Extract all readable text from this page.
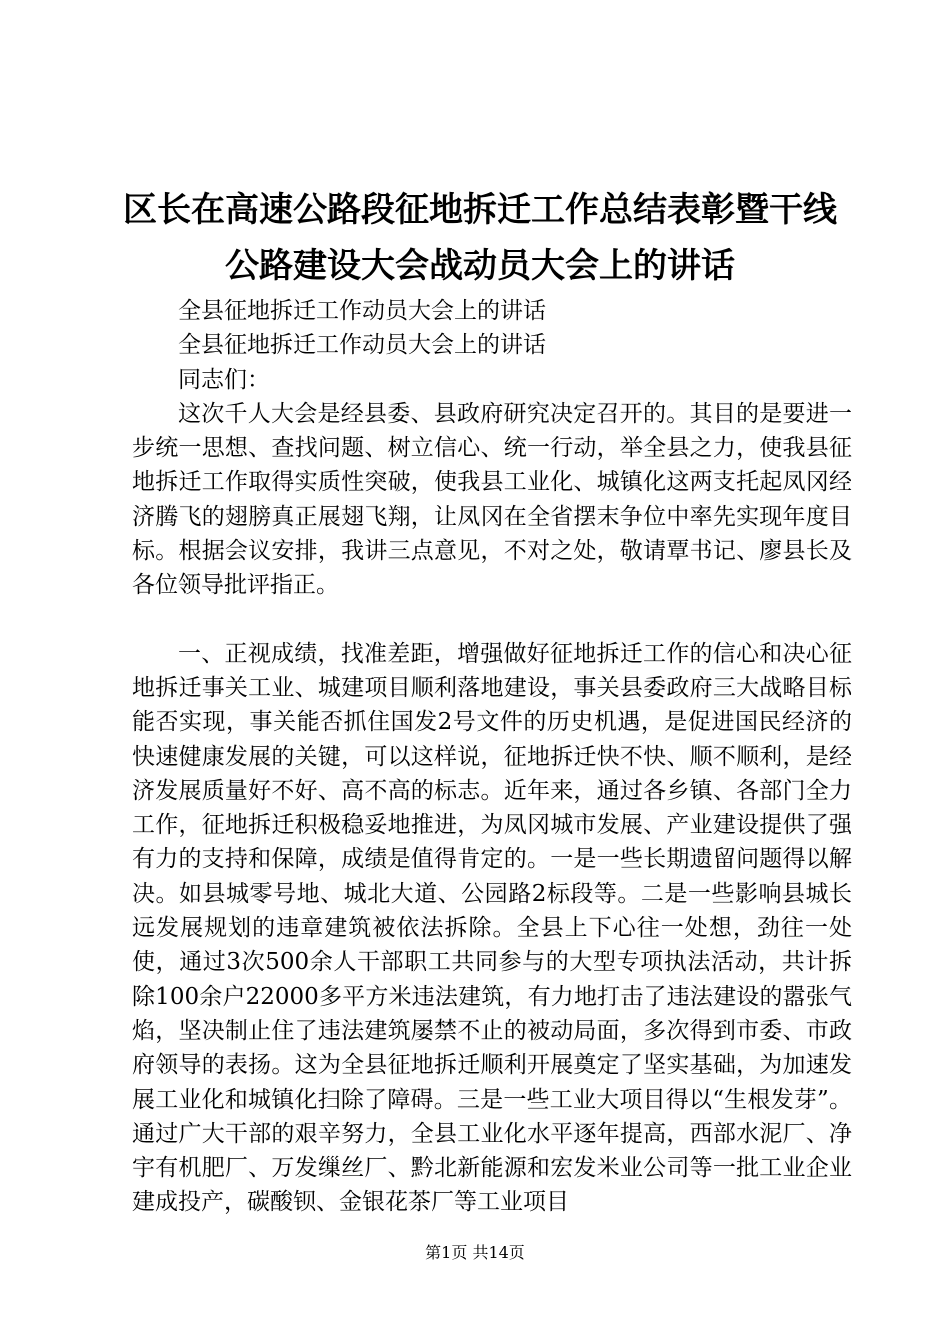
区长在高速公路段征地拆迁工作总结表彰暨干线公路建设大会战动员大会上的讲话

全县征地拆迁工作动员大会上的讲话

全县征地拆迁工作动员大会上的讲话

同志们：

这次千人大会是经县委、县政府研究决定召开的。其目的是要进一步统一思想、查找问题、树立信心、统一行动，举全县之力，使我县征地拆迁工作取得实质性突破，使我县工业化、城镇化这两支托起凤冈经济腾飞的翅膀真正展翅飞翔，让凤冈在全省摆末争位中率先实现年度目标。根据会议安排，我讲三点意见，不对之处，敬请覃书记、廖县长及各位领导批评指正。

一、正视成绩，找准差距，增强做好征地拆迁工作的信心和决心征地拆迁事关工业、城建项目顺利落地建设，事关县委政府三大战略目标能否实现，事关能否抓住国发2号文件的历史机遇，是促进国民经济的快速健康发展的关键，可以这样说，征地拆迁快不快、顺不顺利，是经济发展质量好不好、高不高的标志。近年来，通过各乡镇、各部门全力工作，征地拆迁积极稳妥地推进，为凤冈城市发展、产业建设提供了强有力的支持和保障，成绩是值得肯定的。一是一些长期遗留问题得以解决。如县城零号地、城北大道、公园路2标段等。二是一些影响县城长远发展规划的违章建筑被依法拆除。全县上下心往一处想，劲往一处使，通过3次500余人干部职工共同参与的大型专项执法活动，共计拆除100余户22000多平方米违法建筑，有力地打击了违法建设的嚣张气焰，坚决制止住了违法建筑屡禁不止的被动局面，多次得到市委、市政府领导的表扬。这为全县征地拆迁顺利开展奠定了坚实基础，为加速发展工业化和城镇化扫除了障碍。三是一些工业大项目得以“生根发芽”。通过广大干部的艰辛努力，全县工业化水平逐年提高，西部水泥厂、净宇有机肥厂、万发缫丝厂、黔北新能源和宏发米业公司等一批工业企业建成投产，碳酸钡、金银花茶厂等工业项目

第1页 共14页
